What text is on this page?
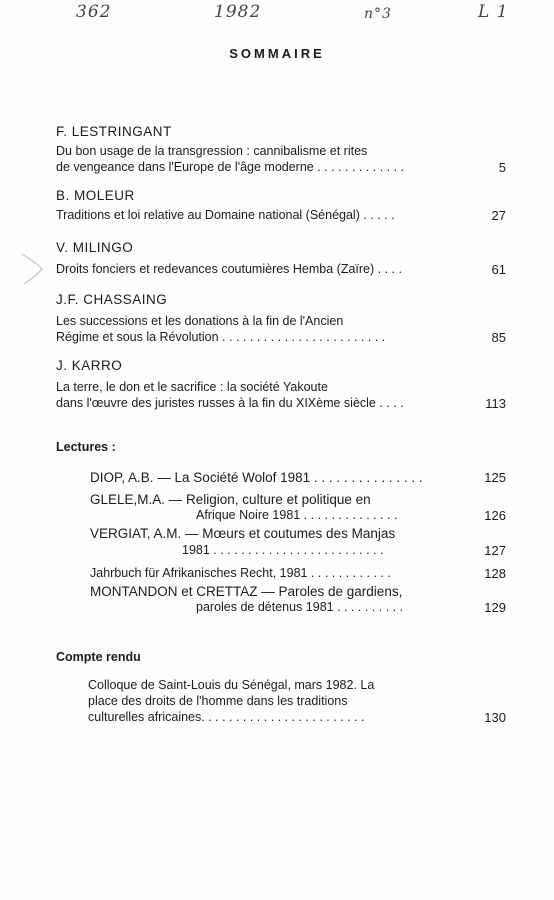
362	1982	n°3	L 1
SOMMAIRE
F. LESTRINGANT
Du bon usage de la transgression : cannibalisme et rites
de vengeance dans l'Europe de l'âge moderne . . . . . . . . . . . . .	5
B. MOLEUR
Traditions et loi relative au Domaine national (Sénégal) . . . . .	27
V. MILINGO
Droits fonciers et redevances coutumières Hemba (Zaïre) . . . .	61
J.F. CHASSAING
Les successions et les donations à la fin de l'Ancien
Régime et sous la Révolution . . . . . . . . . . . . . . . . . . . . . . . .	85
J. KARRO
La terre, le don et le sacrifice : la société Yakoute
dans l'œuvre des juristes russes à la fin du XIXème siècle . . . .	113
Lectures :
DIOP, A.B. — La Société Wolof 1981 . . . . . . . . . . . . . . .	125
GLELE,M.A. — Religion, culture et politique en
Afrique Noire 1981 . . . . . . . . . . . . . .	126
VERGIAT, A.M. — Mœurs et coutumes des Manjas
1981 . . . . . . . . . . . . . . . . . . . . . . . . .	127
Jahrbuch für Afrikanisches Recht, 1981 . . . . . . . . . . . .	128
MONTANDON et CRETTAZ — Paroles de gardiens,
paroles de détenus 1981 . . . . . . . . . .	129
Compte rendu
Colloque de Saint-Louis du Sénégal, mars 1982. La
place des droits de l'homme dans les traditions
culturelles africaines. . . . . . . . . . . . . . . . . . . . . . . .	130
